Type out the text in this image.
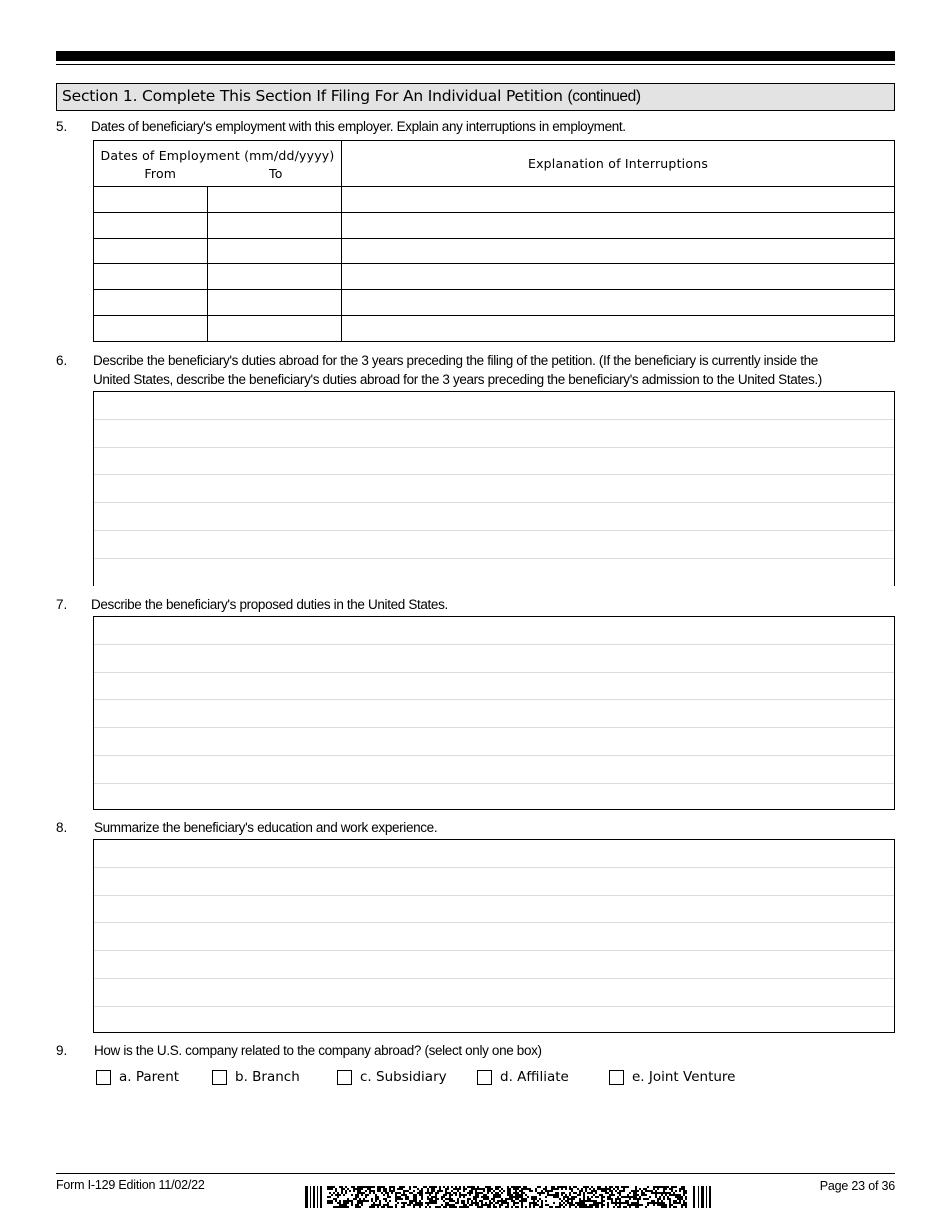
Section 1. Complete This Section If Filing For An Individual Petition (continued)
5. Dates of beneficiary's employment with this employer. Explain any interruptions in employment.
Dates of Employment (mm/dd/yyyy)
From To		Explanation of Interruptions

6. Describe the beneficiary's duties abroad for the 3 years preceding the filing of the petition. (If the beneficiary is currently inside the
United States, describe the beneficiary's duties abroad for the 3 years preceding the beneficiary's admission to the United States.)
7. Describe the beneficiary's proposed duties in the United States.
8. Summarize the beneficiary's education and work experience.
9. How is the U.S. company related to the company abroad? (select only one box)
a. Parent	b. Branch	c. Subsidiary	d. Affiliate	e. Joint Venture
Form I-129 Edition 11/02/22	Page 23 of 36
